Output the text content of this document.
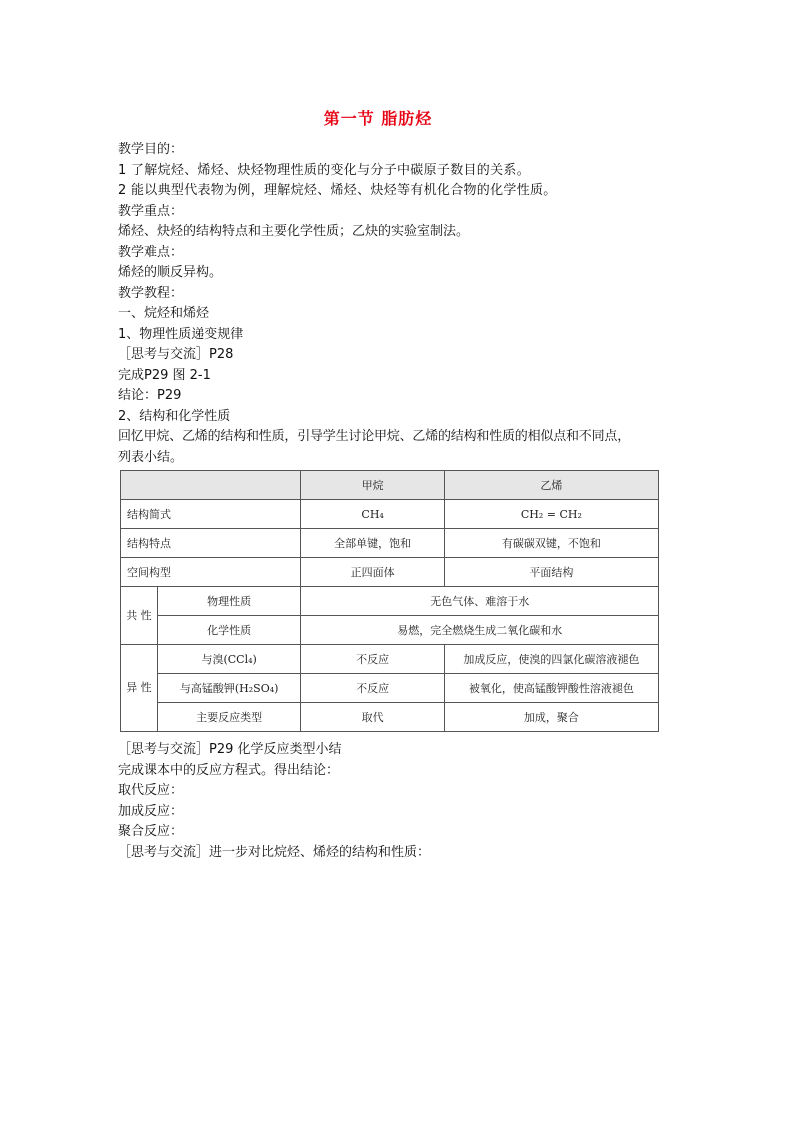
第一节 脂肪烃
教学目的：
1 了解烷烃、烯烃、炔烃物理性质的变化与分子中碳原子数目的关系。
2 能以典型代表物为例，理解烷烃、烯烃、炔烃等有机化合物的化学性质。
教学重点：
烯烃、炔烃的结构特点和主要化学性质；乙炔的实验室制法。
教学难点：
烯烃的顺反异构。
教学教程：
一、烷烃和烯烃
1、物理性质递变规律
［思考与交流］P28
完成P29 图 2-1
结论：P29
2、结构和化学性质
回忆甲烷、乙烯的结构和性质，引导学生讨论甲烷、乙烯的结构和性质的相似点和不同点，
列表小结。
		甲烷	乙烯
结构简式		CH₄	CH₂ = CH₂
结构特点		全部单键，饱和	有碳碳双键，不饱和
空间构型		正四面体	平面结构
共 性	物理性质	无色气体、难溶于水	
	化学性质	易燃，完全燃烧生成二氧化碳和水	
异 性	与溴(CCl₄)	不反应	加成反应，使溴的四氯化碳溶液褪色
	与高锰酸钾(H₂SO₄)	不反应	被氧化，使高锰酸钾酸性溶液褪色
	主要反应类型	取代	加成，聚合
［思考与交流］P29 化学反应类型小结
完成课本中的反应方程式。得出结论：
取代反应：
加成反应：
聚合反应：
［思考与交流］进一步对比烷烃、烯烃的结构和性质：
